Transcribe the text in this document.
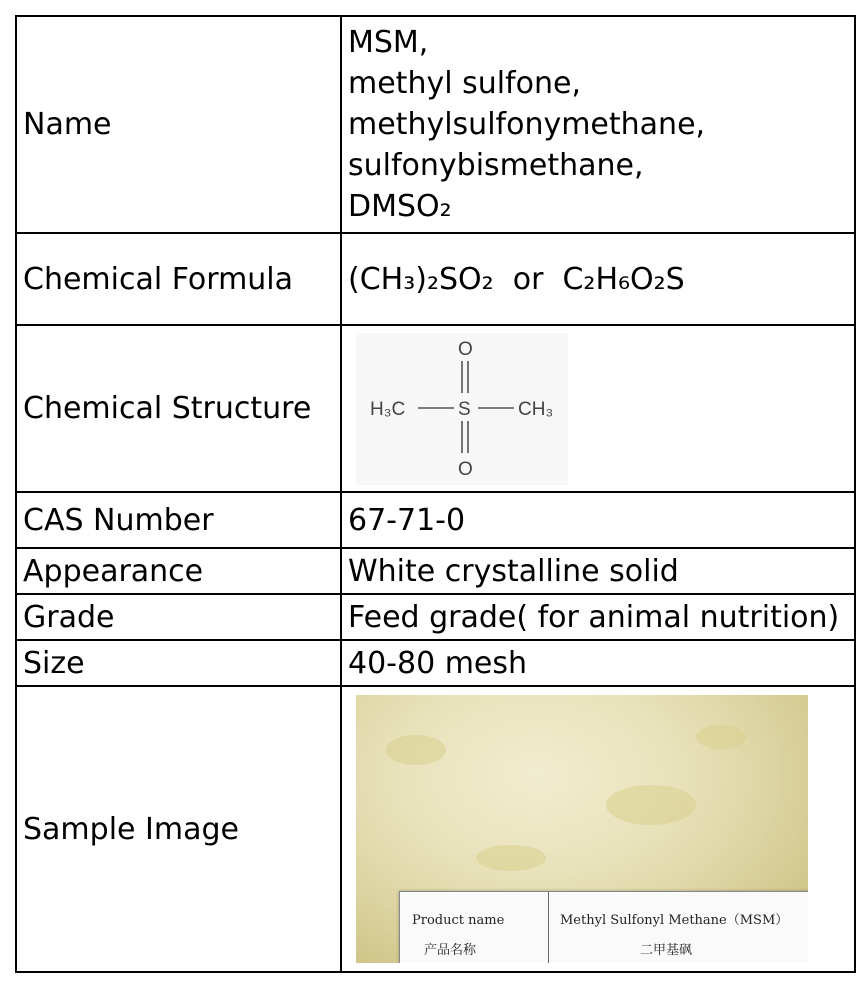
Name	MSM,
methyl sulfone,
methylsulfonymethane,
sulfonybismethane,
DMSO₂

Chemical Formula	(CH₃)₂SO₂  or  C₂H₆O₂S
Chemical Structure	H₃C S CH₃
O
O

CAS Number	67-71-0
Appearance	White crystalline solid
Grade	Feed grade( for animal nutrition)
Size	40-80 mesh
Sample Image	Product name Methyl Sulfonyl Methane（MSM）
产品名称 二甲基砜
